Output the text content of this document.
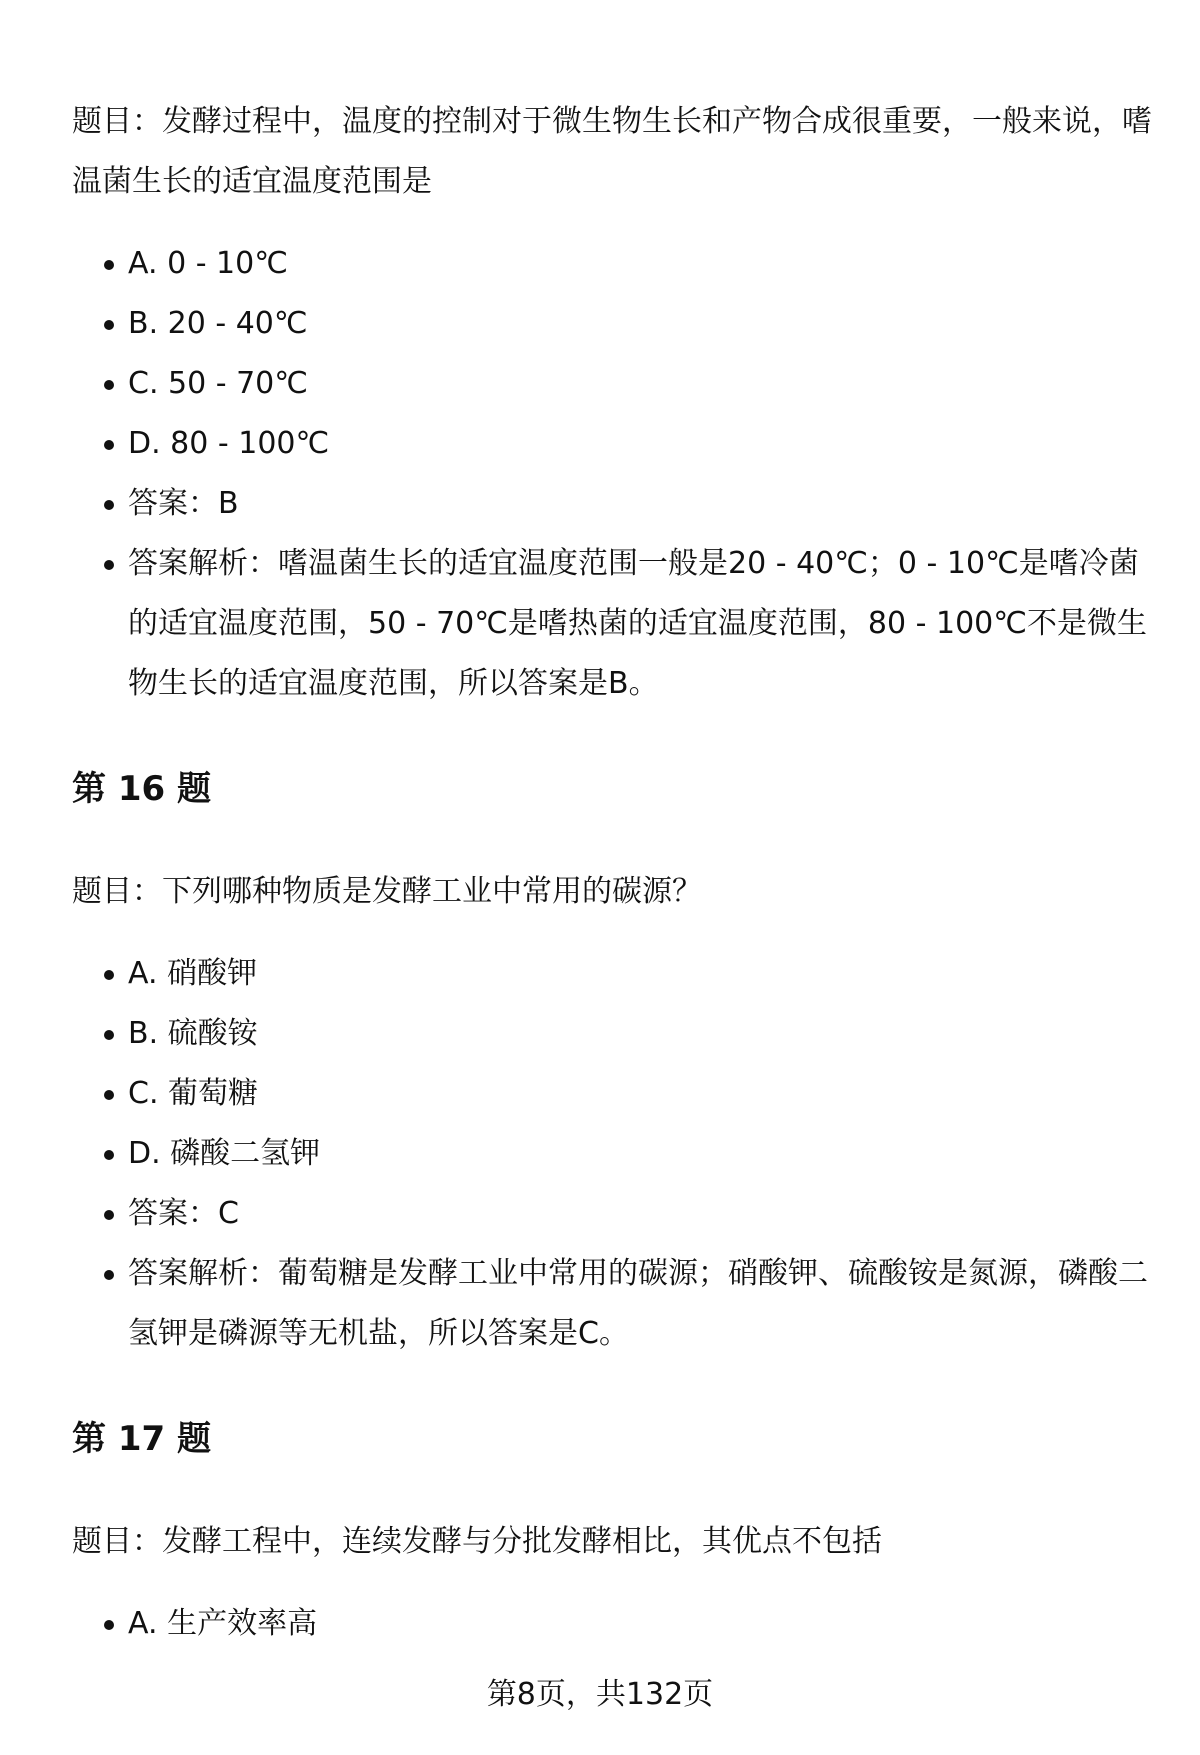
题目：发酵过程中，温度的控制对于微生物生长和产物合成很重要，一般来说，嗜温菌生长的适宜温度范围是

A. 0 - 10℃
B. 20 - 40℃
C. 50 - 70℃
D. 80 - 100℃
答案：B
答案解析：嗜温菌生长的适宜温度范围一般是20 - 40℃；0 - 10℃是嗜冷菌的适宜温度范围，50 - 70℃是嗜热菌的适宜温度范围，80 - 100℃不是微生物生长的适宜温度范围，所以答案是B。
第 16 题

题目：下列哪种物质是发酵工业中常用的碳源？

A. 硝酸钾
B. 硫酸铵
C. 葡萄糖
D. 磷酸二氢钾
答案：C
答案解析：葡萄糖是发酵工业中常用的碳源；硝酸钾、硫酸铵是氮源，磷酸二氢钾是磷源等无机盐，所以答案是C。
第 17 题

题目：发酵工程中，连续发酵与分批发酵相比，其优点不包括

A. 生产效率高
第8页，共132页
